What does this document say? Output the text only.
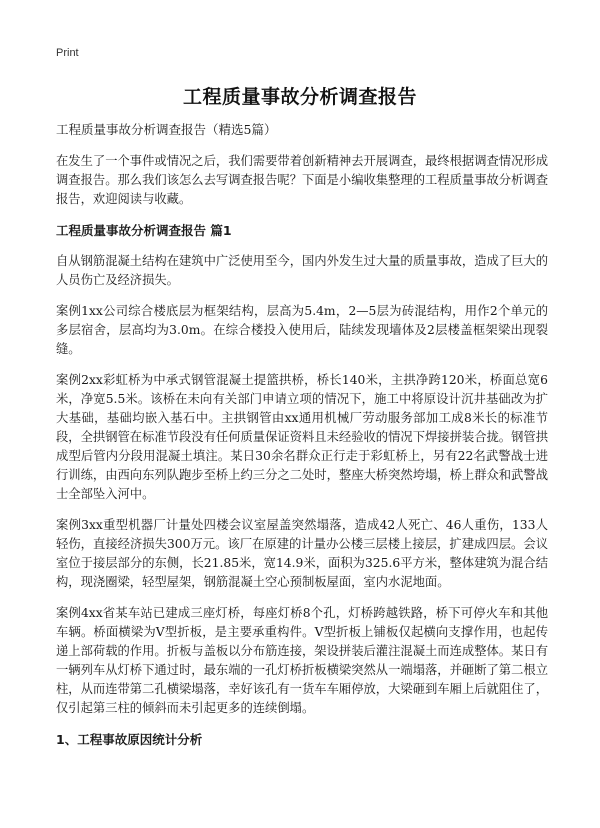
Print
工程质量事故分析调查报告

工程质量事故分析调查报告（精选5篇）

在发生了一个事件或情况之后，我们需要带着创新精神去开展调查，最终根据调查情况形成调查报告。那么我们该怎么去写调查报告呢？下面是小编收集整理的工程质量事故分析调查报告，欢迎阅读与收藏。

工程质量事故分析调查报告 篇1

自从钢筋混凝土结构在建筑中广泛使用至今，国内外发生过大量的质量事故，造成了巨大的人员伤亡及经济损失。

案例1xx公司综合楼底层为框架结构，层高为5.4m，2—5层为砖混结构，用作2个单元的多层宿舍，层高均为3.0m。在综合楼投入使用后，陆续发现墙体及2层楼盖框架梁出现裂缝。

案例2xx彩虹桥为中承式钢管混凝土提篮拱桥，桥长140米，主拱净跨120米，桥面总宽6米，净宽5.5米。该桥在未向有关部门申请立项的情况下，施工中将原设计沉井基础改为扩大基础，基础均嵌入基石中。主拱钢管由xx通用机械厂劳动服务部加工成8米长的标准节段，全拱钢管在标准节段没有任何质量保证资料且未经验收的情况下焊接拼装合拢。钢管拱成型后管内分段用混凝土填注。某日30余名群众正行走于彩虹桥上，另有22名武警战士进行训练，由西向东列队跑步至桥上约三分之二处时，整座大桥突然垮塌，桥上群众和武警战士全部坠入河中。

案例3xx重型机器厂计量处四楼会议室屋盖突然塌落，造成42人死亡、46人重伤，133人轻伤，直接经济损失300万元。该厂在原建的计量办公楼三层楼上接层，扩建成四层。会议室位于接层部分的东侧，长21.85米，宽14.9米，面积为325.6平方米，整体建筑为混合结构，现浇圈梁，轻型屋架，钢筋混凝土空心预制板屋面，室内水泥地面。

案例4xx省某车站已建成三座灯桥，每座灯桥8个孔，灯桥跨越铁路，桥下可停火车和其他车辆。桥面横梁为V型折板，是主要承重构件。V型折板上铺板仅起横向支撑作用，也起传递上部荷载的作用。折板与盖板以分布筋连接，架设拼装后灌注混凝土而连成整体。某日有一辆列车从灯桥下通过时，最东端的一孔灯桥折板横梁突然从一端塌落，并砸断了第二根立柱，从而连带第二孔横梁塌落，幸好该孔有一货车车厢停放，大梁砸到车厢上后就阻住了，仅引起第三柱的倾斜而未引起更多的连续倒塌。

1、工程事故原因统计分析
